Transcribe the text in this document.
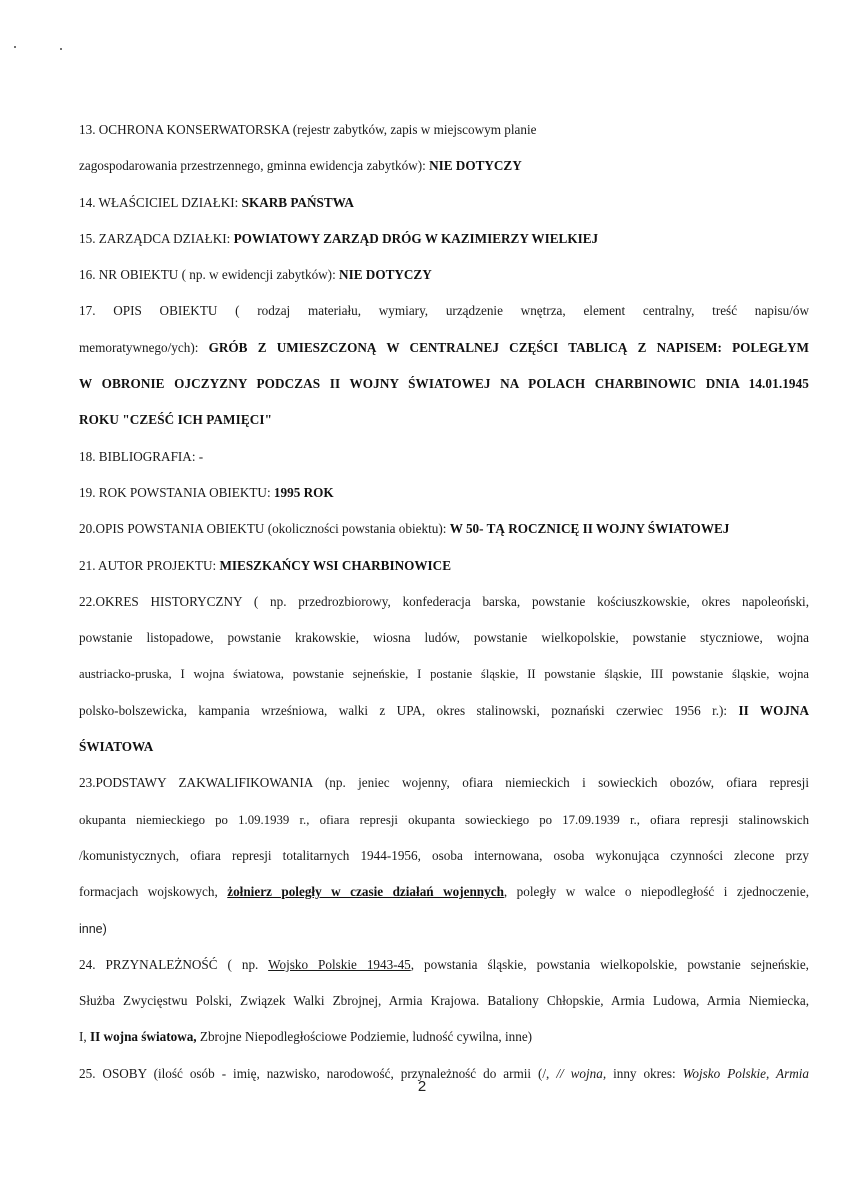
13. OCHRONA KONSERWATORSKA (rejestr zabytków, zapis w miejscowym planie
zagospodarowania przestrzennego, gminna ewidencja zabytków): NIE DOTYCZY
14. WŁAŚCICIEL DZIAŁKI: SKARB PAŃSTWA
15. ZARZĄDCA DZIAŁKI: POWIATOWY ZARZĄD DRÓG W KAZIMIERZY WIELKIEJ
16. NR OBIEKTU ( np. w ewidencji zabytków): NIE DOTYCZY
17. OPIS OBIEKTU ( rodzaj materiału, wymiary, urządzenie wnętrza, element centralny, treść napisu/ów
memoratywnego/ych): GRÓB Z UMIESZCZONĄ W CENTRALNEJ CZĘŚCI TABLICĄ Z NAPISEM: POLEGŁYM
W OBRONIE OJCZYZNY PODCZAS II WOJNY ŚWIATOWEJ NA POLACH CHARBINOWIC DNIA 14.01.1945
ROKU "CZEŚĆ ICH PAMIĘCI"
18. BIBLIOGRAFIA: -
19. ROK POWSTANIA OBIEKTU: 1995 ROK
20.OPIS POWSTANIA OBIEKTU (okoliczności powstania obiektu): W 50- TĄ ROCZNICĘ II WOJNY ŚWIATOWEJ
21. AUTOR PROJEKTU: MIESZKAŃCY WSI CHARBINOWICE
22.OKRES HISTORYCZNY ( np. przedrozbiorowy, konfederacja barska, powstanie kościuszkowskie, okres napoleoński,
powstanie listopadowe, powstanie krakowskie, wiosna ludów, powstanie wielkopolskie, powstanie styczniowe, wojna
austriacko-pruska, I wojna światowa, powstanie sejneńskie, I postanie śląskie, II powstanie śląskie, III powstanie śląskie, wojna
polsko-bolszewicka, kampania wrześniowa, walki z UPA, okres stalinowski, poznański czerwiec 1956 r.): II WOJNA
ŚWIATOWA
23.PODSTAWY ZAKWALIFIKOWANIA (np. jeniec wojenny, ofiara niemieckich i sowieckich obozów, ofiara represji
okupanta niemieckiego po 1.09.1939 r., ofiara represji okupanta sowieckiego po 17.09.1939 r., ofiara represji stalinowskich
/komunistycznych, ofiara represji totalitarnych 1944-1956, osoba internowana, osoba wykonująca czynności zlecone przy
formacjach wojskowych, żołnierz poległy w czasie działań wojennych, poległy w walce o niepodległość i zjednoczenie,
inne)
24. PRZYNALEŻNOŚĆ ( np. Wojsko Polskie 1943-45, powstania śląskie, powstania wielkopolskie, powstanie sejneńskie,
Służba Zwycięstwu Polski, Związek Walki Zbrojnej, Armia Krajowa. Bataliony Chłopskie, Armia Ludowa, Armia Niemiecka,
I, II wojna światowa, Zbrojne Niepodległościowe Podziemie, ludność cywilna, inne)
25. OSOBY (ilość osób - imię, nazwisko, narodowość, przynależność do armii (/, // wojna, inny okres: Wojsko Polskie, Armia
2
